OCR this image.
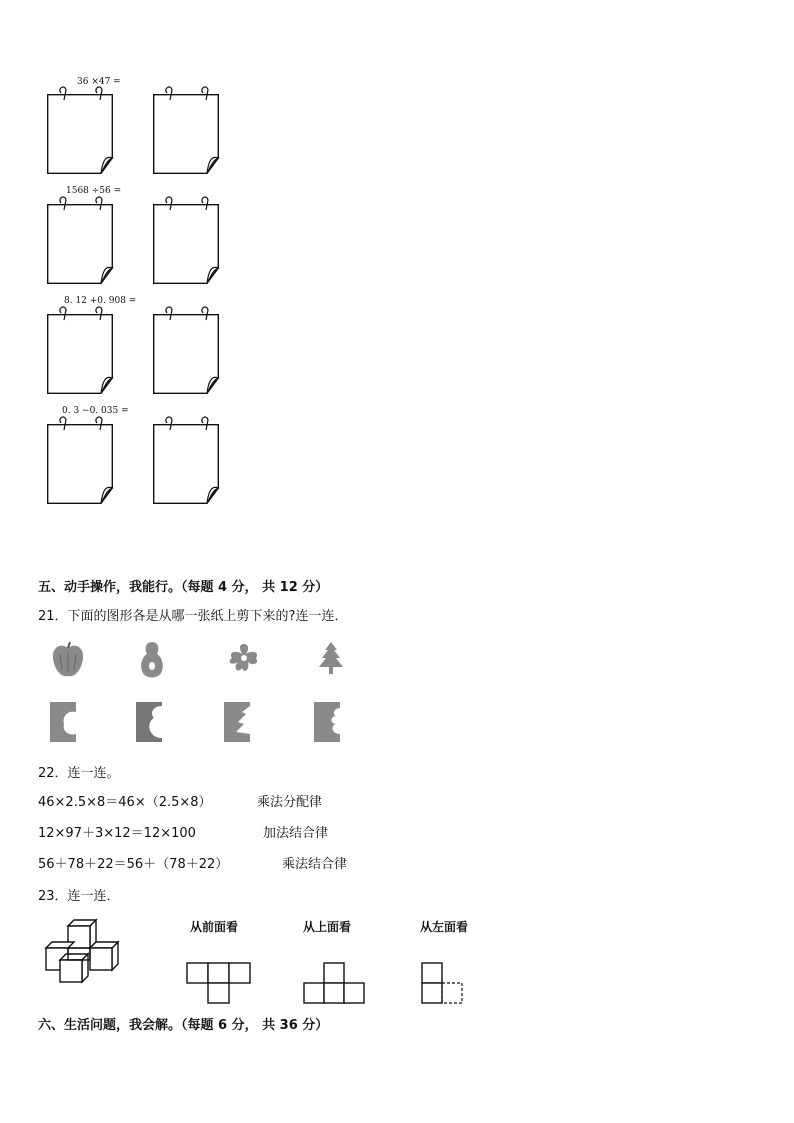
36 ×47 =
1568 ÷56 =
8. 12 +0. 908 =
0. 3 −0. 035 =
五、动手操作，我能行。（每题 4 分， 共 12 分）
21．下面的图形各是从哪一张纸上剪下来的?连一连．
22．连一连。
46×2.5×8＝46×（2.5×8）	乘法分配律
12×97＋3×12＝12×100	加法结合律
56＋78＋22＝56＋（78＋22）	乘法结合律
23．连一连．
从前面看	从上面看	从左面看
六、生活问题，我会解。（每题 6 分， 共 36 分）
